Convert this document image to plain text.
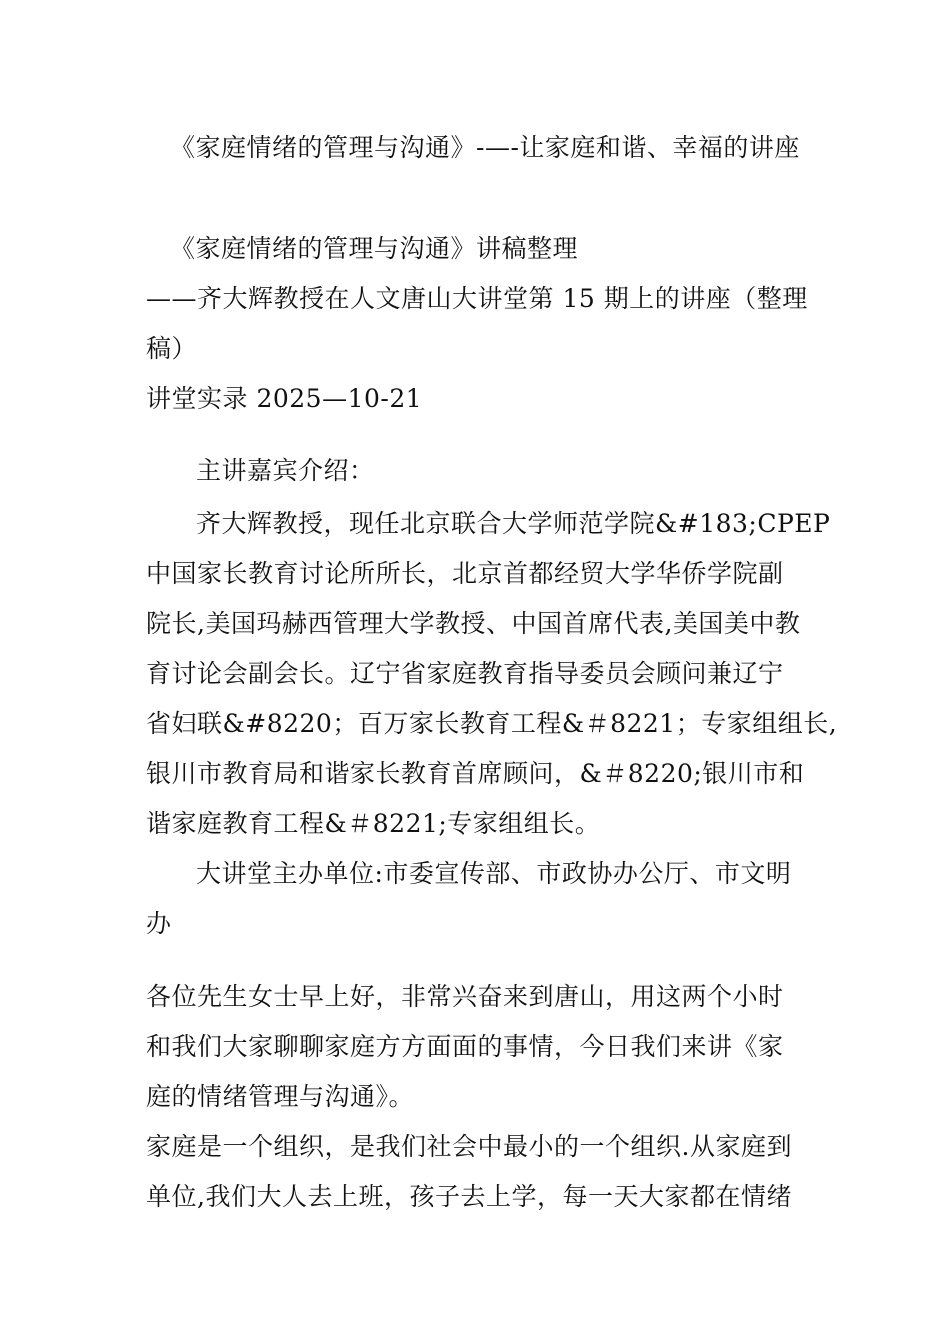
《家庭情绪的管理与沟通》-—-让家庭和谐、幸福的讲座
《家庭情绪的管理与沟通》讲稿整理
——齐大辉教授在人文唐山大讲堂第 15 期上的讲座（整理
稿）
讲堂实录 2025—10-21
主讲嘉宾介绍：
齐大辉教授，现任北京联合大学师范学院&#183;CPEP
中国家长教育讨论所所长，北京首都经贸大学华侨学院副
院长,美国玛赫西管理大学教授、中国首席代表,美国美中教
育讨论会副会长。辽宁省家庭教育指导委员会顾问兼辽宁
省妇联&#8220；百万家长教育工程&＃8221；专家组组长,
银川市教育局和谐家长教育首席顾问，&＃8220;银川市和
谐家庭教育工程&＃8221;专家组组长。
大讲堂主办单位:市委宣传部、市政协办公厅、市文明
办
各位先生女士早上好，非常兴奋来到唐山，用这两个小时
和我们大家聊聊家庭方方面面的事情，今日我们来讲《家
庭的情绪管理与沟通》。
家庭是一个组织，是我们社会中最小的一个组织.从家庭到
单位,我们大人去上班，孩子去上学，每一天大家都在情绪
